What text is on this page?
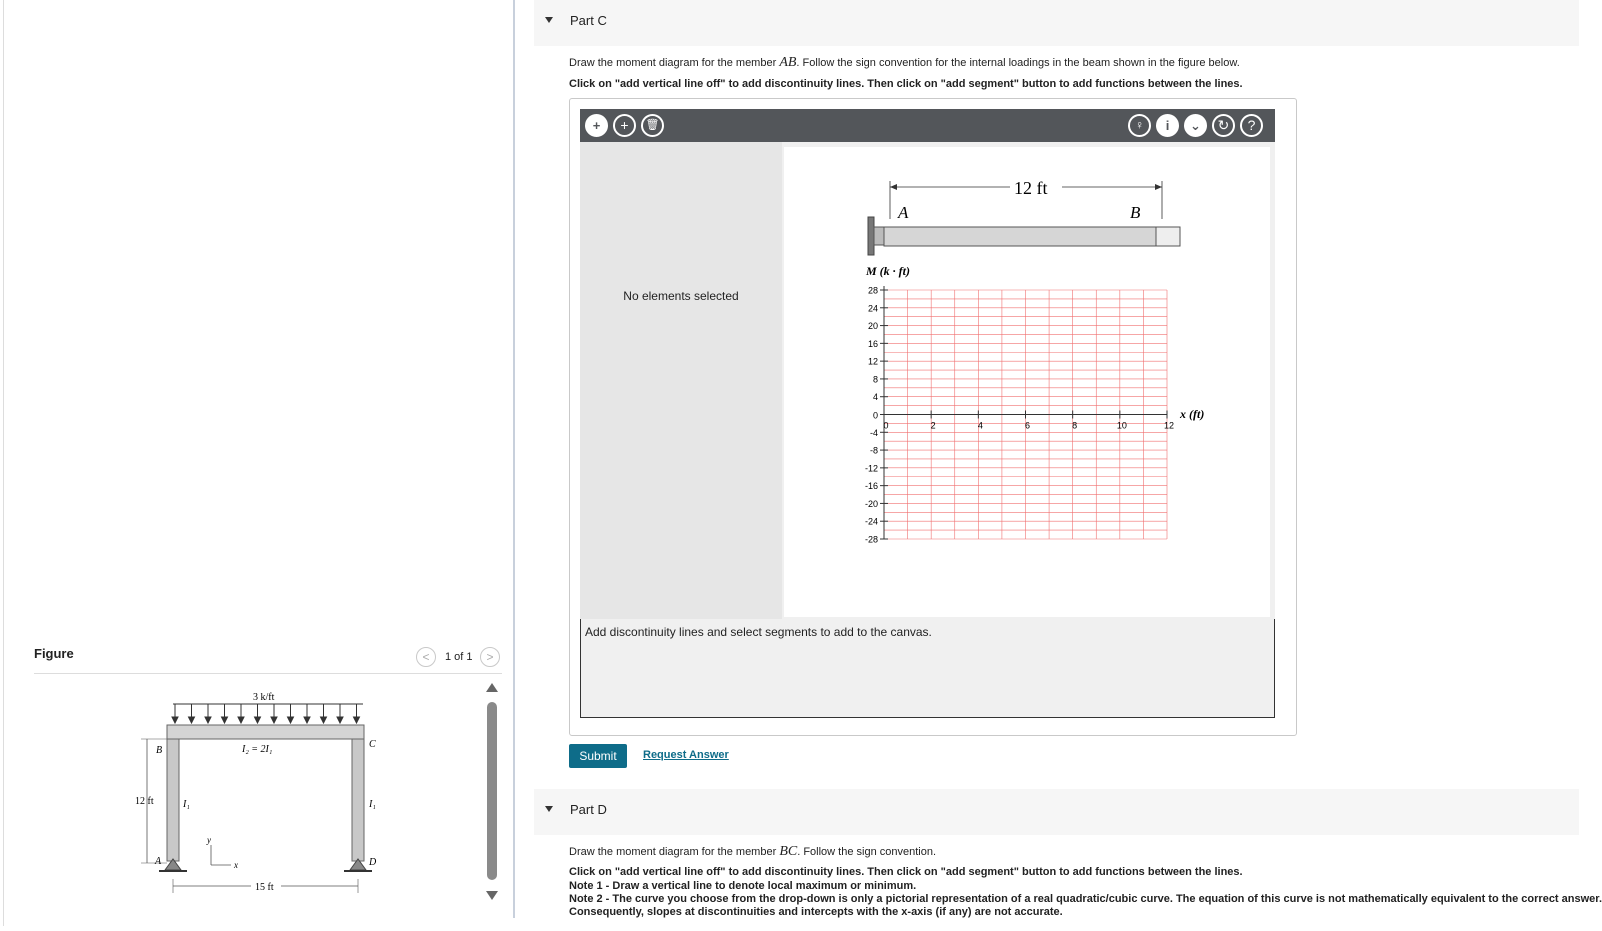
Figure	<	1 of 1	>
3 k/ft
12 ft
15 ft
I₂ = 2I₁
I₁	I₁
A
B
C
D
x
y
Part C
Draw the moment diagram for the member AB. Follow the sign convention for the internal loadings in the beam shown in the figure below.
Click on "add vertical line off" to add discontinuity lines. Then click on "add segment" button to add functions between the lines.
+	+	🗑	♀	i	⌄	↻	?
No elements selected
12 ft
A	B
M (k · ft)
x (ft)
28
24
20
16
12
8
4
0
-4
-8
-12
-16
-20
-24
-28
0	2	4	6	8	10	12
Add discontinuity lines and select segments to add to the canvas.
Submit	Request Answer
Part D
Draw the moment diagram for the member BC. Follow the sign convention.
Click on "add vertical line off" to add discontinuity lines. Then click on "add segment" button to add functions between the lines.
Note 1 - Draw a vertical line to denote local maximum or minimum.
Note 2 - The curve you choose from the drop-down is only a pictorial representation of a real quadratic/cubic curve. The equation of this curve is not mathematically equivalent to the correct answer.
Consequently, slopes at discontinuities and intercepts with the x-axis (if any) are not accurate.
